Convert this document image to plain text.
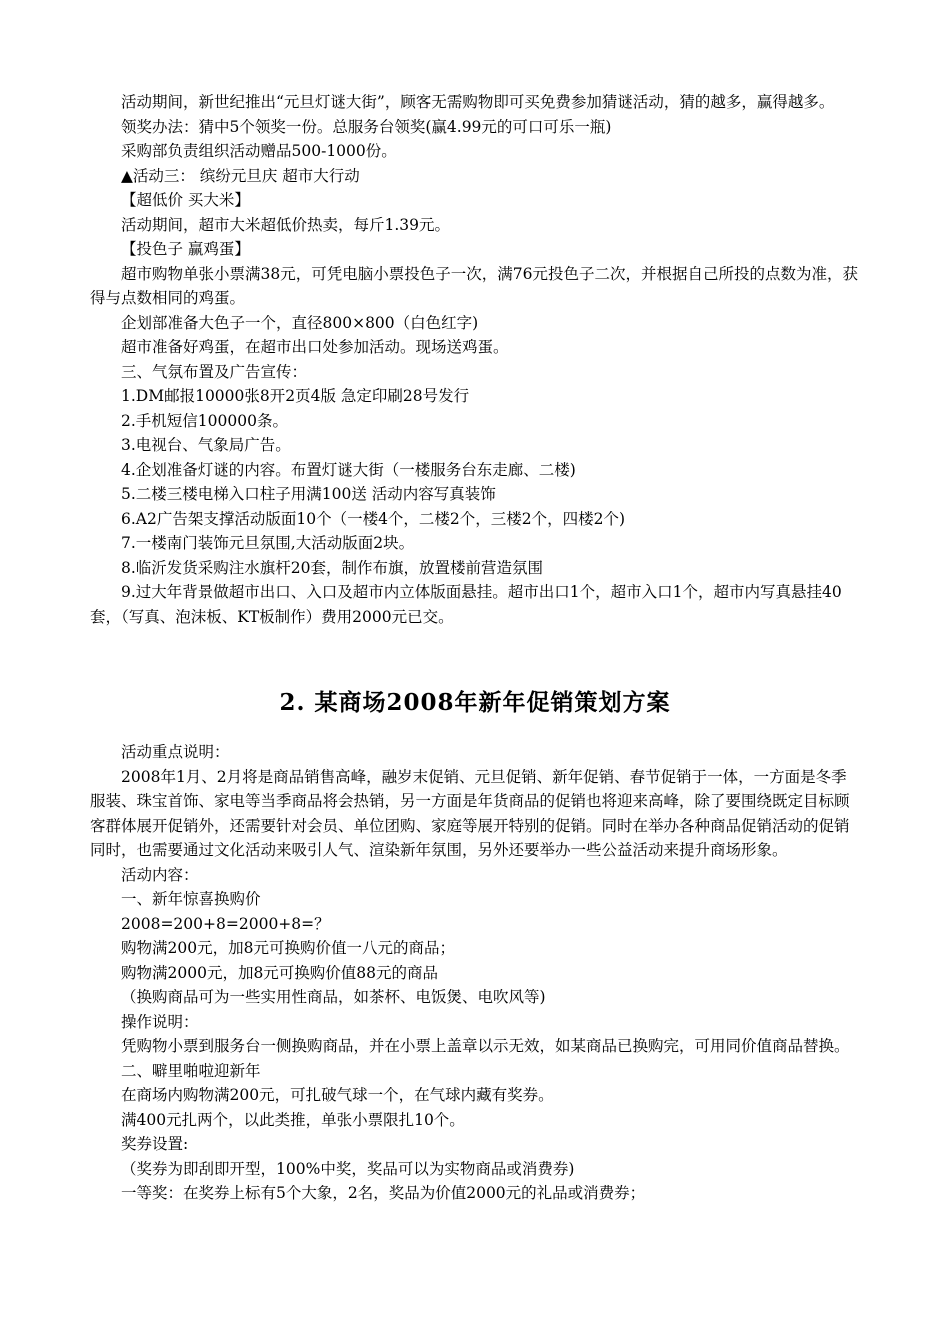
活动期间，新世纪推出“元旦灯谜大街”，顾客无需购物即可买免费参加猜谜活动，猜的越多，赢得越多。

领奖办法：猜中5个领奖一份。总服务台领奖(赢4.99元的可口可乐一瓶)

采购部负责组织活动赠品500-1000份。

▲活动三： 缤纷元旦庆 超市大行动

【超低价 买大米】

活动期间，超市大米超低价热卖，每斤1.39元。

【投色子 赢鸡蛋】

超市购物单张小票满38元，可凭电脑小票投色子一次，满76元投色子二次，并根据自己所投的点数为准，获得与点数相同的鸡蛋。

企划部准备大色子一个，直径800×800（白色红字)

超市准备好鸡蛋，在超市出口处参加活动。现场送鸡蛋。

三、气氛布置及广告宣传：

1.DM邮报10000张8开2页4版 急定印刷28号发行

2.手机短信100000条。

3.电视台、气象局广告。

4.企划准备灯谜的内容。布置灯谜大街（一楼服务台东走廊、二楼)

5.二楼三楼电梯入口柱子用满100送 活动内容写真装饰

6.A2广告架支撑活动版面10个（一楼4个，二楼2个，三楼2个，四楼2个)

7.一楼南门装饰元旦氛围,大活动版面2块。

8.临沂发货采购注水旗杆20套，制作布旗，放置楼前营造氛围

9.过大年背景做超市出口、入口及超市内立体版面悬挂。超市出口1个，超市入口1个，超市内写真悬挂40套，（写真、泡沫板、KT板制作）费用2000元已交。

2. 某商场2008年新年促销策划方案

活动重点说明：

2008年1月、2月将是商品销售高峰，融岁末促销、元旦促销、新年促销、春节促销于一体，一方面是冬季服装、珠宝首饰、家电等当季商品将会热销，另一方面是年货商品的促销也将迎来高峰，除了要围绕既定目标顾客群体展开促销外，还需要针对会员、单位团购、家庭等展开特别的促销。同时在举办各种商品促销活动的促销同时，也需要通过文化活动来吸引人气、渲染新年氛围，另外还要举办一些公益活动来提升商场形象。

活动内容：

一、新年惊喜换购价

2008=200+8=2000+8=？

购物满200元，加8元可换购价值一八元的商品；

购物满2000元，加8元可换购价值88元的商品

（换购商品可为一些实用性商品，如茶杯、电饭煲、电吹风等)

操作说明：

凭购物小票到服务台一侧换购商品，并在小票上盖章以示无效，如某商品已换购完，可用同价值商品替换。

二、噼里啪啦迎新年

在商场内购物满200元，可扎破气球一个，在气球内藏有奖券。

满400元扎两个，以此类推，单张小票限扎10个。

奖券设置:

（奖券为即刮即开型，100%中奖，奖品可以为实物商品或消费券)

一等奖：在奖券上标有5个大象，2名，奖品为价值2000元的礼品或消费券；
